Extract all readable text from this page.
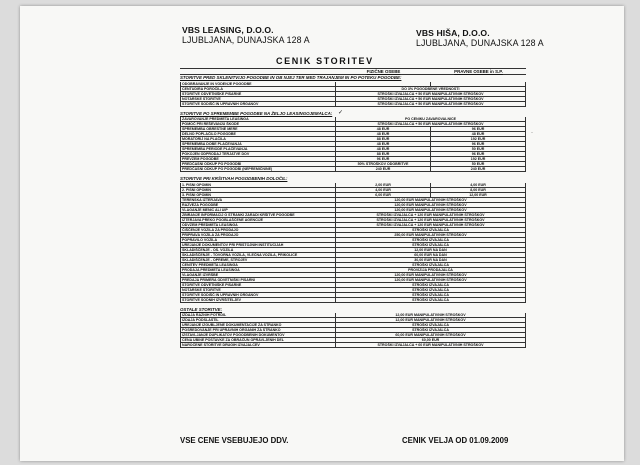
VBS LEASING, D.O.O.
LJUBLJANA, DUNAJSKA 128 A
VBS HIŠA, D.O.O.
LJUBLJANA, DUNAJSKA 128 A
CENIK STORITEV
FIZIČNE OSEBE	PRAVNE OSEBE in S.P.
STORITVE PRED SKLENITVIJO POGODBE IN OB NJEJ TER MED TRAJANJEM IN PO POTEKU POGODBE:
ODOBRAVANJE IN VODENJE POGODBE
CENTUDIRA POROČILA	DO 3% POGODBENE VREDNOSTI
STORITVE ODVETNIŠKE PISARNE	STROŠKI IZVAJALCA + 50 EUR MANIPULATIVNIH STROŠKOV
NOTARSKE STORITVE	STROŠKI IZVAJALCA + 50 EUR MANIPULATIVNIH STROŠKOV
STORITVE SODIŠČ IN UPRAVNIH ORGANOV	STROŠKI IZVAJALCA + 50 EUR MANIPULATIVNIH STROŠKOV
STORITVE PO SPREMEMBE POGODBE NA ŽELJO LEASINGOJEMALCA:
ZAVAROVANJE PREDMETA LEASINGA	PO CENIKU ZAVAROVALNICE
POMOČ PRI REŠEVANJU ŠKODE	STROŠKI IZVAJALCA + 50 EUR MANIPULATIVNIH STROŠKOV
SPREMEMBA OBRESTNE MERE	48 EUR	96 EUR
DELNO POPLAČILO POGODBE	48 EUR	48 EUR
MORATORIJ NA PLAČILA	88 EUR	192 EUR
SPREMEMBA DOBE PLAČEVANJA	48 EUR	96 EUR
SPREMEMBA PERIODE PLAČEVANJA	48 EUR	50 EUR
POKOJEN ODPRODAJ TERJATVE DOV	88 EUR	96 EUR
PREVZEM POGODBE	96 EUR	192 EUR
PREDČASNI ODKUP PO POGODBI	50% STROŠKOV ODOBRITVE	50 EUR
PREDČASNI ODKUP PO POGODBI (NEPREMIČNINE)	240 EUR	240 EUR
STORITVE PRI KRŠITVAH POGODBENIH DOLOČIL:
1. PISNI OPOMIN	2,00 EUR	4,00 EUR
2. PISNI OPOMIN	4,00 EUR	8,00 EUR
3. PISNI OPOMIN	6,00 EUR	12,00 EUR
TERENSKA IZTERJAVA	120,00 EUR MANIPULATIVNIH STROŠKOV
RAZVEZA POGODBE	120,00 EUR MANIPULATIVNIH STROŠKOV
VLAGANJE MENIC ALI UIP	120,00 EUR MANIPULATIVNIH STROŠKOV
ZBIRANJE INFORMACIJ O STRANKI ZARADI KRŠITVE POGODBE	STROŠKI IZVAJALCA + 120 EUR MANIPULATIVNIH STROŠKOV
IZTERJAVA PREKO POOBLAŠČENE AGENCIJE	STROŠKI IZVAJALCA + 120 EUR MANIPULATIVNIH STROŠKOV
ODVZEM PREDMETA LEASINGA	STROŠKI IZVAJALCA + 120 EUR MANIPULATIVNIH STROŠKOV
ČIŠČENJE VOZILA ZA PRODAJO	STROŠKI IZVAJALCA
PRIPRAVA VOZILA ZA PRODAJO	250,00 EUR MANIPULATIVNIH STROŠKOV
POPRAVILO VOZILA	STROŠKI IZVAJALCA
UREJANJE DOKUMENTOV PRI PRISTOJNIH INSTITUCIJAH	STROŠKI IZVAJALCA
SKLADIŠČENJE - OS. VOZILA	12,00 EUR NA DAN
SKLADIŠČENJE - TOVORNA VOZILA, VLEČNA VOZILA, PRIKOLICE	60,00 EUR NA DAN
SKLADIŠČENJE - OPREME, STROJEV	30,00 EUR NA DAN
CENITEV PREDMETA LEASINGA	STROŠKI IZVAJALCA
PRODAJA PREDMETA LEASINGA	PROVIZIJA PRODAJALCA
VLAGANJE IZVRŠBE	120,00 EUR MANIPULATIVNIH STROŠKOV
PREDAJA PRIMERA ODVETNIŠKI PISARNI	120,00 EUR MANIPULATIVNIH STROŠKOV
STORITVE ODVETNIŠKE PISARNE	STROŠKI IZVAJALCA
NOTARSKE STORITVE	STROŠKI IZVAJALCA
STORITVE SODIŠČ IN UPRAVNIH ORGANOV	STROŠKI IZVAJALCA
STORITVE SODNIH IZVRŠITELJEV	STROŠKI IZVAJALCA
OSTALE STORITVE:
IZDAJA RAZNIH POTRDIL	12,00 EUR MANIPULATIVNIH STROŠKOV
IZDAJA PODSLASTIL	12,00 EUR MANIPULATIVNIH STROŠKOV
UREJANJE IZGUBLJENE DOKUMENTACIJE ZA STRANKO	STROŠKI IZVAJALCA
POSREDOVANJE PRI UPRAVNIH ORGANIH ZA STRANKO	STROŠKI IZVAJALCA
IZSTAVLJANJE DUPLIKATOV POGODBENIH DOKUMENTOV	60,00 EUR MANIPULATIVNIH STROŠKOV
CENA UBINE POSTAVKE ZA OBRAČUN OPRAVLJENIH DEL	60,00 EUR
NAROČENE STORITVE DRUGIH IZVAJALCEV	STROŠKI IZVAJALCA + 60 EUR MANIPULATIVNIH STROŠKOV
VSE CENE VSEBUJEJO DDV.	CENIK VELJA OD 01.09.2009
✓
·
